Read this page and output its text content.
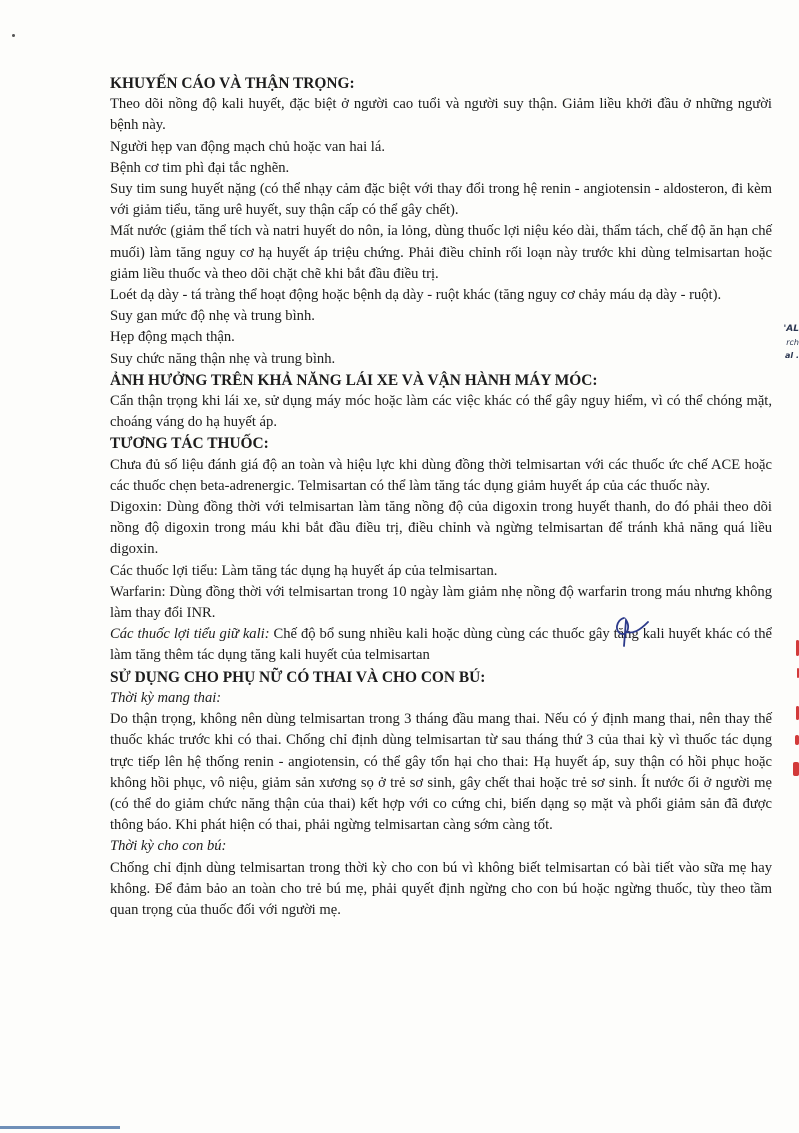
KHUYẾN CÁO VÀ THẬN TRỌNG:

Theo dõi nồng độ kali huyết, đặc biệt ở người cao tuổi và người suy thận. Giảm liều khởi đầu ở những người bệnh này.

Người hẹp van động mạch chủ hoặc van hai lá.

Bệnh cơ tim phì đại tắc nghẽn.

Suy tim sung huyết nặng (có thể nhạy cảm đặc biệt với thay đổi trong hệ renin - angiotensin - aldosteron, đi kèm với giảm tiểu, tăng urê huyết, suy thận cấp có thể gây chết).

Mất nước (giảm thể tích và natri huyết do nôn, ỉa lỏng, dùng thuốc lợi niệu kéo dài, thẩm tách, chế độ ăn hạn chế muối) làm tăng nguy cơ hạ huyết áp triệu chứng. Phải điều chỉnh rối loạn này trước khi dùng telmisartan hoặc giảm liều thuốc và theo dõi chặt chẽ khi bắt đầu điều trị.

Loét dạ dày - tá tràng thể hoạt động hoặc bệnh dạ dày - ruột khác (tăng nguy cơ chảy máu dạ dày - ruột).

Suy gan mức độ nhẹ và trung bình.

Hẹp động mạch thận.

Suy chức năng thận nhẹ và trung bình.

ẢNH HƯỞNG TRÊN KHẢ NĂNG LÁI XE VÀ VẬN HÀNH MÁY MÓC:

Cẩn thận trọng khi lái xe, sử dụng máy móc hoặc làm các việc khác có thể gây nguy hiểm, vì có thể chóng mặt, choáng váng do hạ huyết áp.

TƯƠNG TÁC THUỐC:

Chưa đủ số liệu đánh giá độ an toàn và hiệu lực khi dùng đồng thời telmisartan với các thuốc ức chế ACE hoặc các thuốc chẹn beta-adrenergic. Telmisartan có thể làm tăng tác dụng giảm huyết áp của các thuốc này.

Digoxin: Dùng đồng thời với telmisartan làm tăng nồng độ của digoxin trong huyết thanh, do đó phải theo dõi nồng độ digoxin trong máu khi bắt đầu điều trị, điều chỉnh và ngừng telmisartan để tránh khả năng quá liều digoxin.

Các thuốc lợi tiểu: Làm tăng tác dụng hạ huyết áp của telmisartan.

Warfarin: Dùng đồng thời với telmisartan trong 10 ngày làm giảm nhẹ nồng độ warfarin trong máu nhưng không làm thay đổi INR.

Các thuốc lợi tiểu giữ kali: Chế độ bổ sung nhiều kali hoặc dùng cùng các thuốc gây tăng kali huyết khác có thể làm tăng thêm tác dụng tăng kali huyết của telmisartan

SỬ DỤNG CHO PHỤ NỮ CÓ THAI VÀ CHO CON BÚ:

Thời kỳ mang thai:

Do thận trọng, không nên dùng telmisartan trong 3 tháng đầu mang thai. Nếu có ý định mang thai, nên thay thế thuốc khác trước khi có thai. Chống chỉ định dùng telmisartan từ sau tháng thứ 3 của thai kỳ vì thuốc tác dụng trực tiếp lên hệ thống renin - angiotensin, có thể gây tổn hại cho thai: Hạ huyết áp, suy thận có hồi phục hoặc không hồi phục, vô niệu, giảm sản xương sọ ở trẻ sơ sinh, gây chết thai hoặc trẻ sơ sinh. Ít nước ối ở người mẹ (có thể do giảm chức năng thận của thai) kết hợp với co cứng chi, biến dạng sọ mặt và phổi giảm sản đã được thông báo. Khi phát hiện có thai, phải ngừng telmisartan càng sớm càng tốt.

Thời kỳ cho con bú:

Chống chỉ định dùng telmisartan trong thời kỳ cho con bú vì không biết telmisartan có bài tiết vào sữa mẹ hay không. Để đảm bảo an toàn cho trẻ bú mẹ, phải quyết định ngừng cho con bú hoặc ngừng thuốc, tùy theo tầm quan trọng của thuốc đối với người mẹ.

'AL
rch
al .
